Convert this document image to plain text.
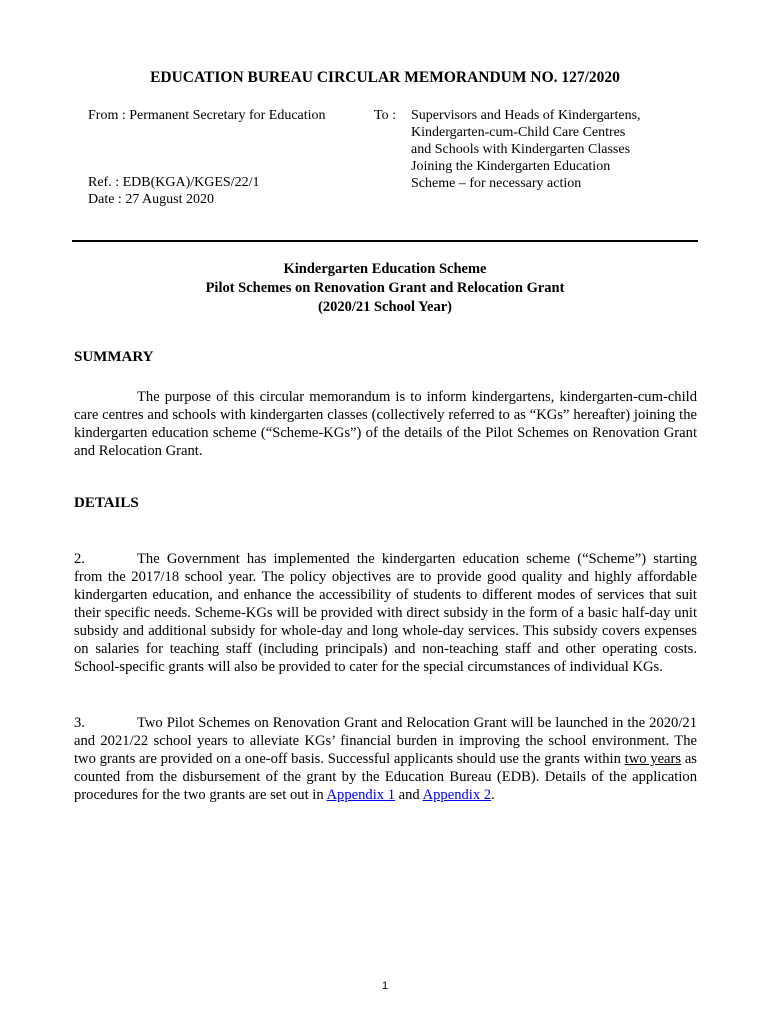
EDUCATION BUREAU CIRCULAR MEMORANDUM NO. 127/2020
From : Permanent Secretary for Education
Ref. : EDB(KGA)/KGES/22/1
Date : 27 August 2020
To : Supervisors and Heads of Kindergartens,
Kindergarten-cum-Child Care Centres
and Schools with Kindergarten Classes
Joining the Kindergarten Education
Scheme – for necessary action
Kindergarten Education Scheme
Pilot Schemes on Renovation Grant and Relocation Grant
(2020/21 School Year)
SUMMARY
The purpose of this circular memorandum is to inform kindergartens, kindergarten-cum-child care centres and schools with kindergarten classes (collectively referred to as “KGs” hereafter) joining the kindergarten education scheme (“Scheme-KGs”) of the details of the Pilot Schemes on Renovation Grant and Relocation Grant.
DETAILS
2.	The Government has implemented the kindergarten education scheme (“Scheme”) starting from the 2017/18 school year. The policy objectives are to provide good quality and highly affordable kindergarten education, and enhance the accessibility of students to different modes of services that suit their specific needs. Scheme-KGs will be provided with direct subsidy in the form of a basic half-day unit subsidy and additional subsidy for whole-day and long whole-day services. This subsidy covers expenses on salaries for teaching staff (including principals) and non-teaching staff and other operating costs. School-specific grants will also be provided to cater for the special circumstances of individual KGs.
3.	Two Pilot Schemes on Renovation Grant and Relocation Grant will be launched in the 2020/21 and 2021/22 school years to alleviate KGs’ financial burden in improving the school environment. The two grants are provided on a one-off basis. Successful applicants should use the grants within two years as counted from the disbursement of the grant by the Education Bureau (EDB). Details of the application procedures for the two grants are set out in Appendix 1 and Appendix 2.
1
